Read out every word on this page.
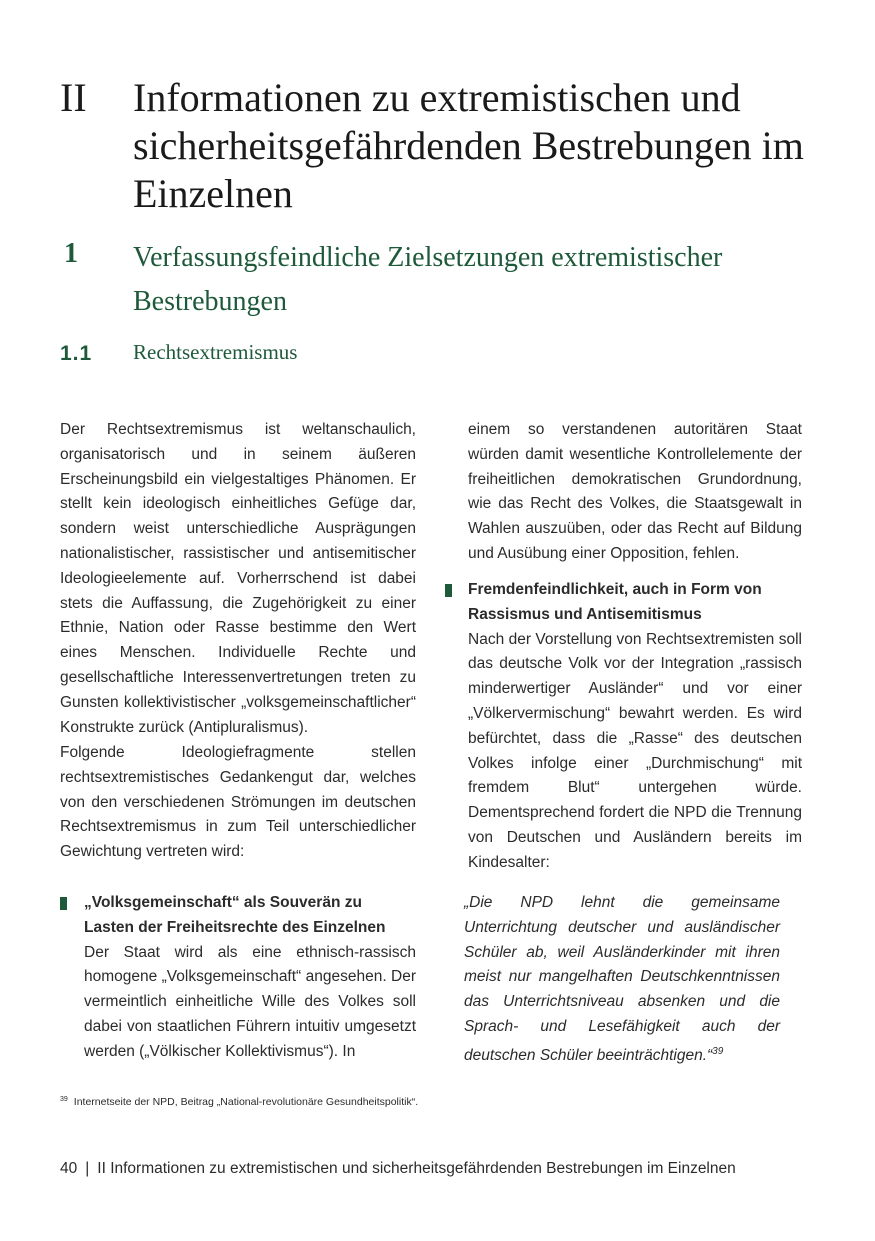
II Informationen zu extremistischen und sicherheitsgefährdenden Bestrebungen im Einzelnen
1 Verfassungsfeindliche Zielsetzungen extremistischer Bestrebungen
1.1 Rechtsextremismus
Der Rechtsextremismus ist weltanschaulich, organisatorisch und in seinem äußeren Erscheinungsbild ein vielgestaltiges Phänomen. Er stellt kein ideologisch einheitliches Gefüge dar, sondern weist unterschiedliche Ausprägungen nationalistischer, rassistischer und antisemitischer Ideologieelemente auf. Vorherrschend ist dabei stets die Auffassung, die Zugehörigkeit zu einer Ethnie, Nation oder Rasse bestimme den Wert eines Menschen. Individuelle Rechte und gesellschaftliche Interessenvertretungen treten zu Gunsten kollektivistischer „volksgemeinschaftlicher“ Konstrukte zurück (Antipluralismus).
Folgende Ideologiefragmente stellen rechtsextremistisches Gedankengut dar, welches von den verschiedenen Strömungen im deutschen Rechtsextremismus in zum Teil unterschiedlicher Gewichtung vertreten wird:
„Volksgemeinschaft“ als Souverän zu Lasten der Freiheitsrechte des Einzelnen
Der Staat wird als eine ethnisch-rassisch homogene „Volksgemeinschaft“ angesehen. Der vermeintlich einheitliche Wille des Volkes soll dabei von staatlichen Führern intuitiv umgesetzt werden („Völkischer Kollektivismus“). In
einem so verstandenen autoritären Staat würden damit wesentliche Kontrollelemente der freiheitlichen demokratischen Grundordnung, wie das Recht des Volkes, die Staatsgewalt in Wahlen auszuüben, oder das Recht auf Bildung und Ausübung einer Opposition, fehlen.
Fremdenfeindlichkeit, auch in Form von Rassismus und Antisemitismus
Nach der Vorstellung von Rechtsextremisten soll das deutsche Volk vor der Integration „rassisch minderwertiger Ausländer“ und vor einer „Völkervermischung“ bewahrt werden. Es wird befürchtet, dass die „Rasse“ des deutschen Volkes infolge einer „Durchmischung“ mit fremdem Blut“ untergehen würde. Dementsprechend fordert die NPD die Trennung von Deutschen und Ausländern bereits im Kindesalter:
„Die NPD lehnt die gemeinsame Unterrichtung deutscher und ausländischer Schüler ab, weil Ausländerkinder mit ihren meist nur mangelhaften Deutschkenntnissen das Unterrichtsniveau absenken und die Sprach- und Lesefähigkeit auch der deutschen Schüler beeinträchtigen.“$^{39}$
$^{39}$ Internetseite der NPD, Beitrag „National-revolutionäre Gesundheitspolitik“.
40 | II Informationen zu extremistischen und sicherheitsgefährdenden Bestrebungen im Einzelnen
